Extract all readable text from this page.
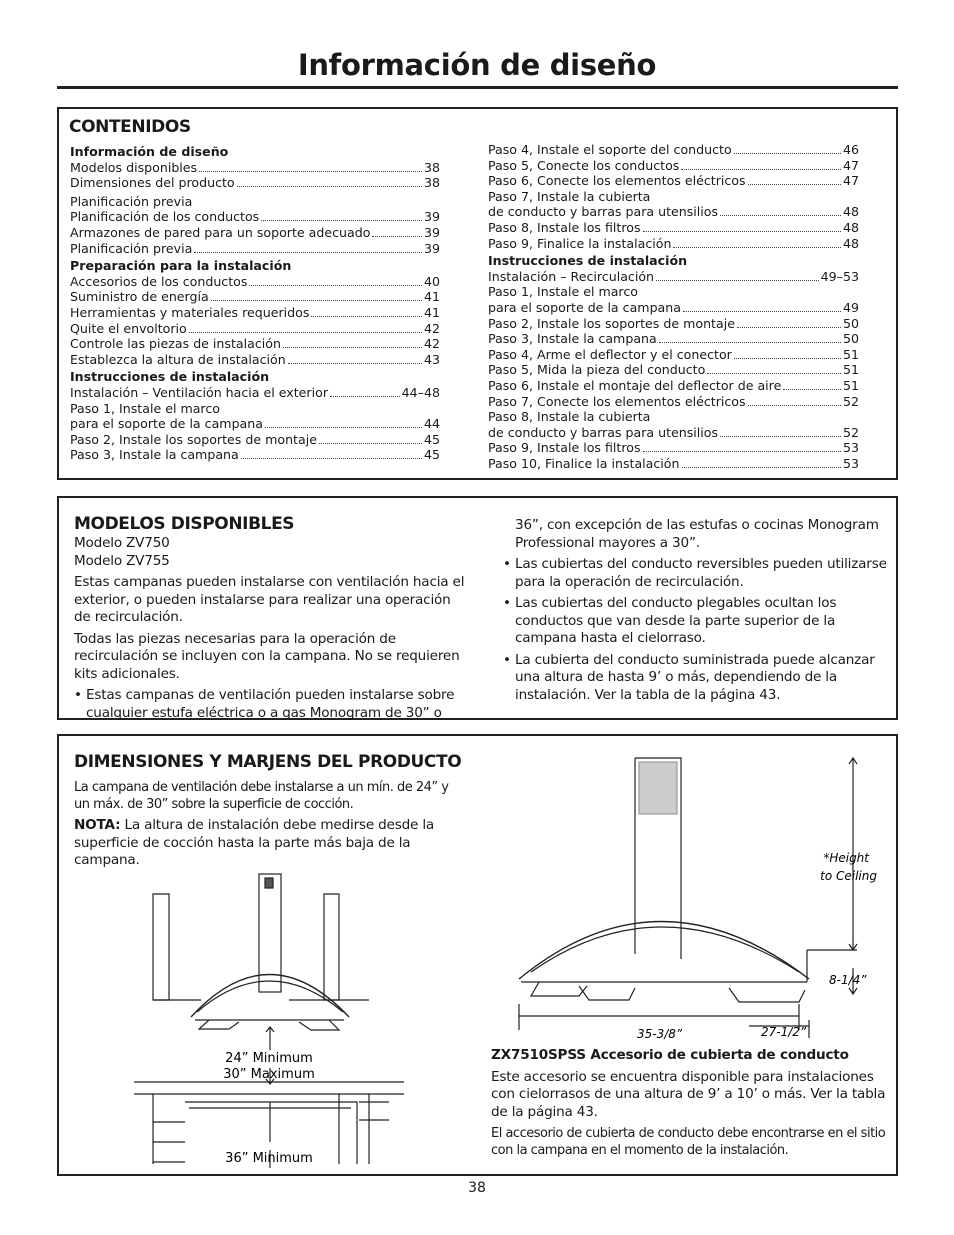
Información de diseño
CONTENIDOS
Información de diseño
Modelos disponibles	38
Dimensiones del producto	38
Planificación previa
Planificación de los conductos	39
Armazones de pared para un soporte adecuado	39
Planificación previa	39
Preparación para la instalación
Accesorios de los conductos	40
Suministro de energía	41
Herramientas y materiales requeridos	41
Quite el envoltorio	42
Controle las piezas de instalación	42
Establezca la altura de instalación	43
Instrucciones de instalación
Instalación – Ventilación hacia el exterior	44–48
Paso 1, Instale el marco
para el soporte de la campana	44
Paso 2, Instale los soportes de montaje	45
Paso 3, Instale la campana	45
Paso 4, Instale el soporte del conducto	46
Paso 5, Conecte los conductos	47
Paso 6, Conecte los elementos eléctricos	47
Paso 7, Instale la cubierta
de conducto y barras para utensilios	48
Paso 8, Instale los filtros	48
Paso 9, Finalice la instalación	48
Instrucciones de instalación
Instalación – Recirculación	49–53
Paso 1, Instale el marco
para el soporte de la campana	49
Paso 2, Instale los soportes de montaje	50
Paso 3, Instale la campana	50
Paso 4, Arme el deflector y el conector	51
Paso 5, Mida la pieza del conducto	51
Paso 6, Instale el montaje del deflector de aire	51
Paso 7, Conecte los elementos eléctricos	52
Paso 8, Instale la cubierta
de conducto y barras para utensilios	52
Paso 9, Instale los filtros	53
Paso 10, Finalice la instalación	53
MODELOS DISPONIBLES
Modelo ZV750
Modelo ZV755

Estas campanas pueden instalarse con ventilación hacia el exterior, o pueden instalarse para realizar una operación de recirculación.

Todas las piezas necesarias para la operación de recirculación se incluyen con la campana. No se requieren kits adicionales.

• Estas campanas de ventilación pueden instalarse sobre cualquier estufa eléctrica o a gas Monogram de 30” o
36”, con excepción de las estufas o cocinas Monogram Professional mayores a 30”.
• Las cubiertas del conducto reversibles pueden utilizarse para la operación de recirculación.
• Las cubiertas del conducto plegables ocultan los conductos que van desde la parte superior de la campana hasta el cielorraso.
• La cubierta del conducto suministrada puede alcanzar una altura de hasta 9’ o más, dependiendo de la instalación. Ver la tabla de la página 43.
DIMENSIONES Y MARJENS DEL PRODUCTO

La campana de ventilación debe instalarse a un mín. de 24” y un máx. de 30” sobre la superficie de cocción.

NOTA: La altura de instalación debe medirse desde la superficie de cocción hasta la parte más baja de la campana.

24” Minimum
30” Maximum
36” Minimum
*Height
to Ceiling
8-1/4”
35-3/8”	27-1/2”
ZX7510SPSS Accesorio de cubierta de conducto

Este accesorio se encuentra disponible para instalaciones con cielorrasos de una altura de 9’ a 10’ o más. Ver la tabla de la página 43.

El accesorio de cubierta de conducto debe encontrarse en el sitio con la campana en el momento de la instalación.

38
